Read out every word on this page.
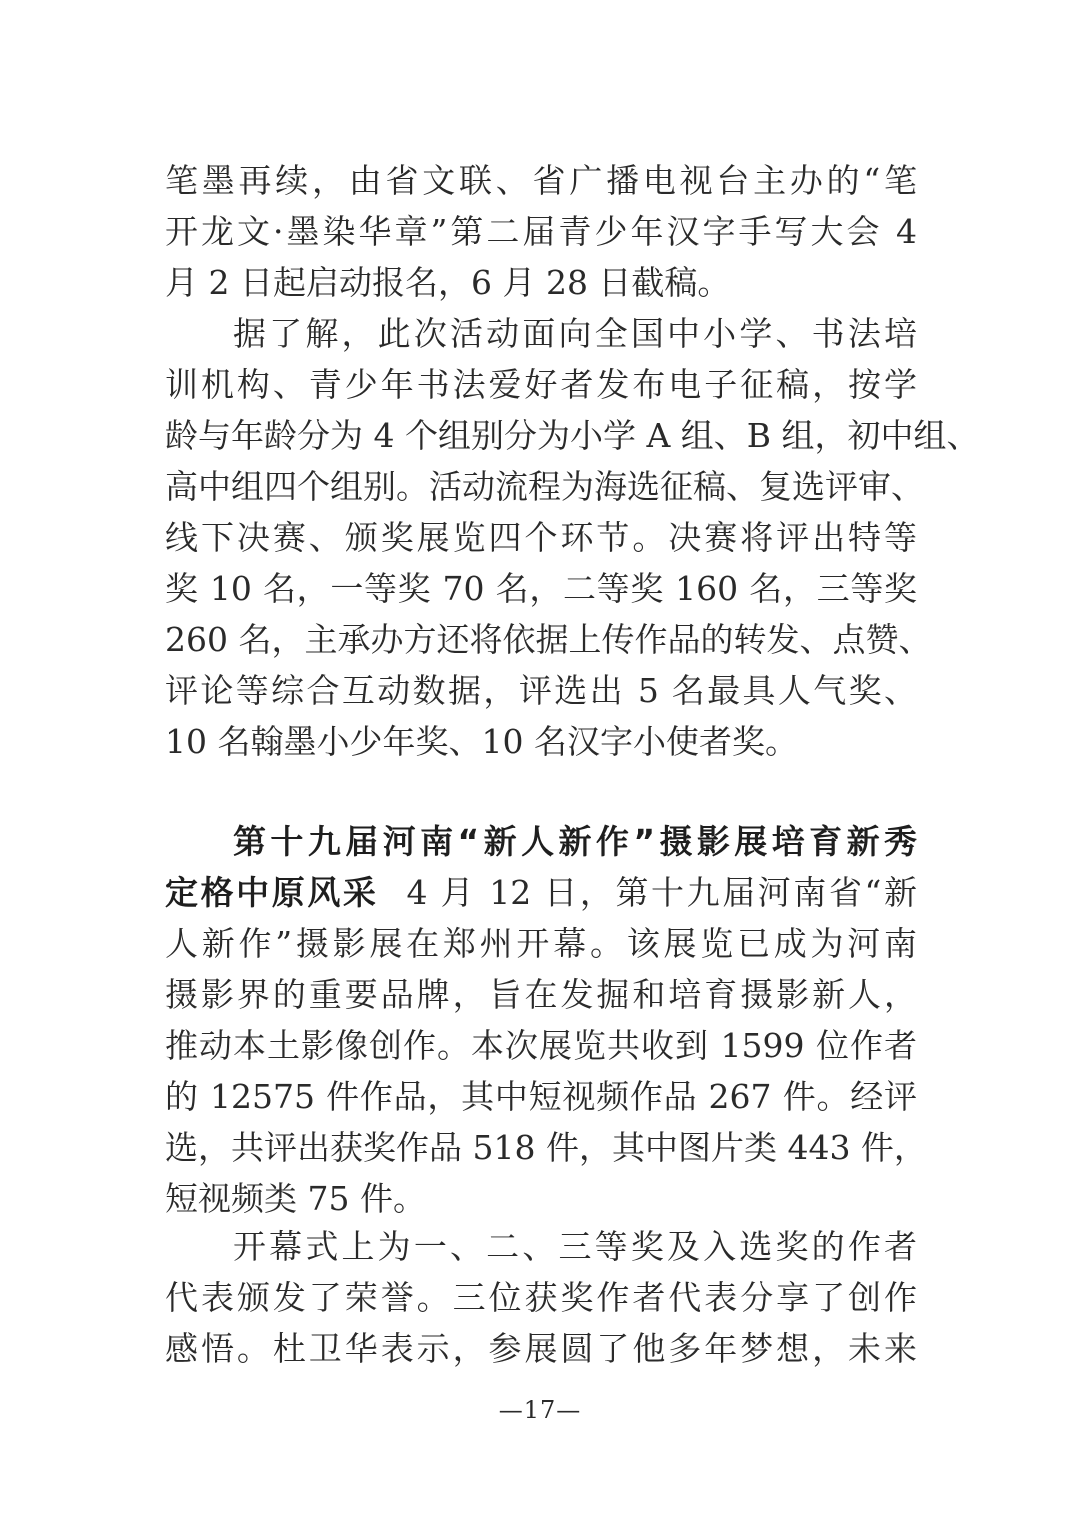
笔墨再续，由省文联、省广播电视台主办的“笔
开龙文·墨染华章”第二届青少年汉字手写大会 4
月 2 日起启动报名，6 月 28 日截稿。
据了解，此次活动面向全国中小学、书法培
训机构、青少年书法爱好者发布电子征稿，按学
龄与年龄分为 4 个组别分为小学 A 组、B 组，初中组、
高中组四个组别。活动流程为海选征稿、复选评审、
线下决赛、颁奖展览四个环节。决赛将评出特等
奖 10 名，一等奖 70 名，二等奖 160 名，三等奖
260 名，主承办方还将依据上传作品的转发、点赞、
评论等综合互动数据，评选出 5 名最具人气奖、
10 名翰墨小少年奖、10 名汉字小使者奖。
第十九届河南“新人新作”摄影展培育新秀
定格中原风采 4 月 12 日，第十九届河南省“新
人新作”摄影展在郑州开幕。该展览已成为河南
摄影界的重要品牌，旨在发掘和培育摄影新人，
推动本土影像创作。本次展览共收到 1599 位作者
的 12575 件作品，其中短视频作品 267 件。经评
选，共评出获奖作品 518 件，其中图片类 443 件，
短视频类 75 件。
开幕式上为一、二、三等奖及入选奖的作者
代表颁发了荣誉。三位获奖作者代表分享了创作
感悟。杜卫华表示，参展圆了他多年梦想，未来
—17—
